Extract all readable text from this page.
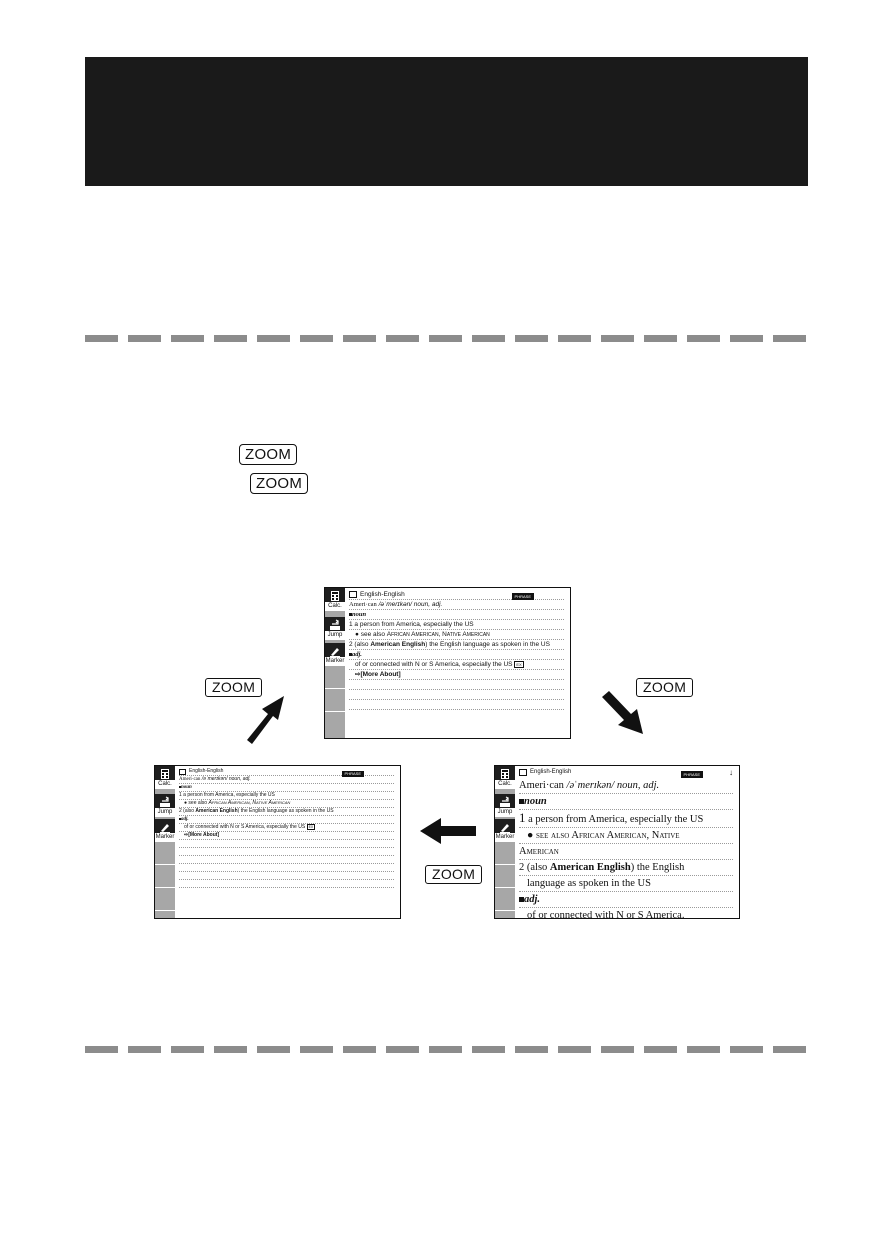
ZOOM
ZOOM
Calc.
Jump
Marker
English-English	PHRASE
Ameri·can /əˈmerɪkən/ noun, adj.
noun
1 a person from America, especially the US
● see also African American, Native American
2 (also American English) the English language as spoken in the US
adj.
of or connected with N or S America, especially the US EX
⇨[More About]

Calc.
Jump
Marker
English-English	PHRASE
Ameri·can /əˈmerɪkən/ noun, adj.
noun
1 a person from America, especially the US
● see also African American, Native American
2 (also American English) the English language as spoken in the US
adj.
of or connected with N or S America, especially the US EX
⇨[More About]

Calc.
Jump
Marker
English-English	PHRASE	↓
Ameri·can /əˈmerɪkən/ noun, adj.
noun
1 a person from America, especially the US
● see also African American, Native
American
2 (also American English) the English
language as spoken in the US
adj.
of or connected with N or S America.
ZOOM	ZOOM
ZOOM
